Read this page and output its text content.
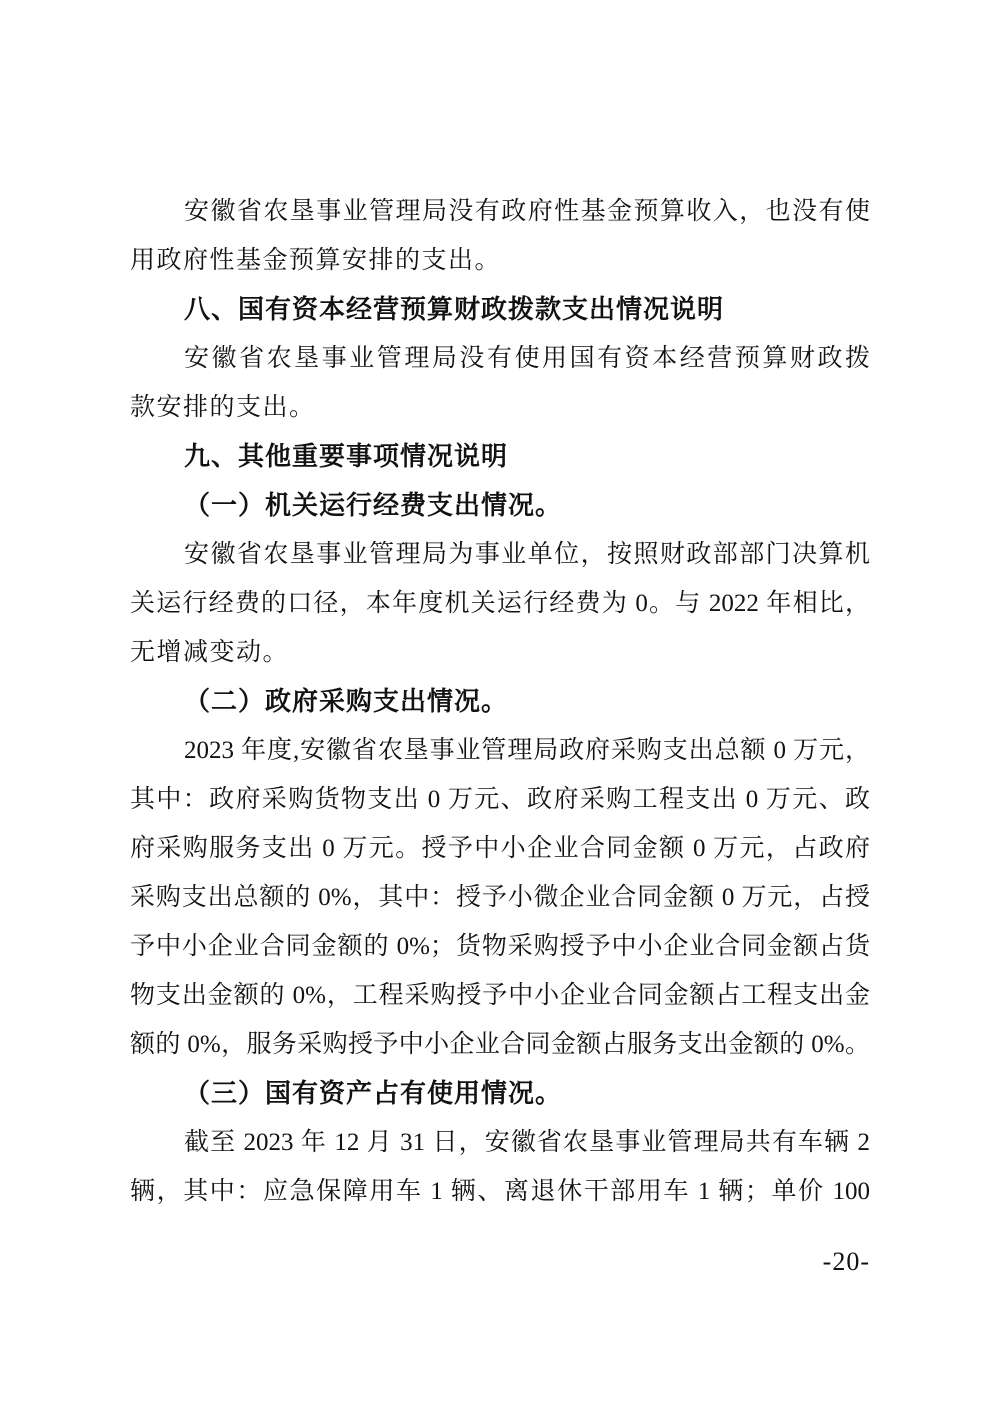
安徽省农垦事业管理局没有政府性基金预算收入，也没有使
用政府性基金预算安排的支出。
八、国有资本经营预算财政拨款支出情况说明
安徽省农垦事业管理局没有使用国有资本经营预算财政拨
款安排的支出。
九、其他重要事项情况说明
（一）机关运行经费支出情况。
安徽省农垦事业管理局为事业单位，按照财政部部门决算机
关运行经费的口径，本年度机关运行经费为 0。与 2022 年相比，
无增减变动。
（二）政府采购支出情况。
2023 年度,安徽省农垦事业管理局政府采购支出总额 0 万元，
其中：政府采购货物支出 0 万元、政府采购工程支出 0 万元、政
府采购服务支出 0 万元。授予中小企业合同金额 0 万元，占政府
采购支出总额的 0%，其中：授予小微企业合同金额 0 万元，占授
予中小企业合同金额的 0%；货物采购授予中小企业合同金额占货
物支出金额的 0%，工程采购授予中小企业合同金额占工程支出金
额的 0%，服务采购授予中小企业合同金额占服务支出金额的 0%。
（三）国有资产占有使用情况。
截至 2023 年 12 月 31 日，安徽省农垦事业管理局共有车辆 2
辆，其中：应急保障用车 1 辆、离退休干部用车 1 辆；单价 100
-20-
